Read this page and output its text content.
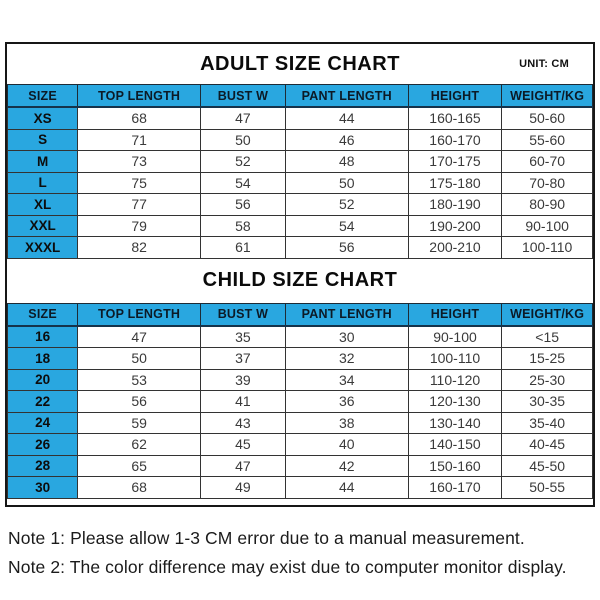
ADULT SIZE CHART	UNIT: CM
SIZE	TOP LENGTH	BUST W	PANT LENGTH	HEIGHT	WEIGHT/KG
XS	68	47	44	160-165	50-60
S	71	50	46	160-170	55-60
M	73	52	48	170-175	60-70
L	75	54	50	175-180	70-80
XL	77	56	52	180-190	80-90
XXL	79	58	54	190-200	90-100
XXXL	82	61	56	200-210	100-110
CHILD SIZE CHART
SIZE	TOP LENGTH	BUST W	PANT LENGTH	HEIGHT	WEIGHT/KG
16	47	35	30	90-100	<15
18	50	37	32	100-110	15-25
20	53	39	34	110-120	25-30
22	56	41	36	120-130	30-35
24	59	43	38	130-140	35-40
26	62	45	40	140-150	40-45
28	65	47	42	150-160	45-50
30	68	49	44	160-170	50-55
Note 1: Please allow 1-3 CM error due to a manual measurement.
Note 2: The color difference may exist due to computer monitor display.
